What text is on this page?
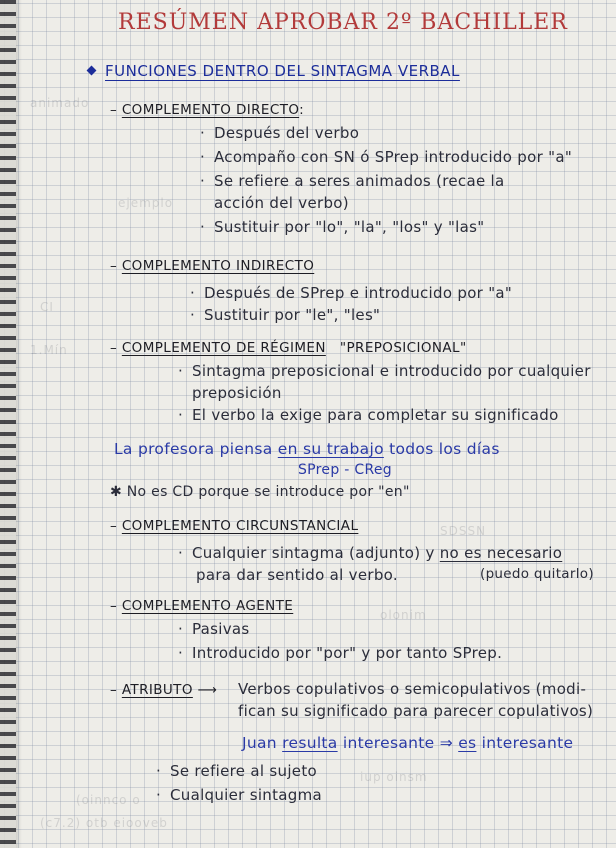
animado
ejemplo
CI
1.Mín
olonim
SDSSN
iup oinsm
(oinnco o
(c7.2) otb eiooveb
RESÚMEN APROBAR 2º BACHILLER
FUNCIONES DENTRO DEL SINTAGMA VERBAL
– COMPLEMENTO DIRECTO:
· Después del verbo
· Acompaño con SN ó SPrep introducido por "a"
· Se refiere a seres animados (recae la
acción del verbo)
· Sustituir por "lo", "la", "los" y "las"
– COMPLEMENTO INDIRECTO
· Después de SPrep e introducido por "a"
· Sustituir por "le", "les"
– COMPLEMENTO DE RÉGIMEN "PREPOSICIONAL"
· Sintagma preposicional e introducido por cualquier
preposición
· El verbo la exige para completar su significado
La profesora piensa en su trabajo todos los días
SPrep - CReg
✱ No es CD porque se introduce por "en"
– COMPLEMENTO CIRCUNSTANCIAL
· Cualquier sintagma (adjunto) y no es necesario
para dar sentido al verbo.	(puedo quitarlo)
– COMPLEMENTO AGENTE
· Pasivas
· Introducido por "por" y por tanto SPrep.
– ATRIBUTO ⟶ Verbos copulativos o semicopulativos (modi-
fican su significado para parecer copulativos)
Juan resulta interesante ⇒ es interesante
· Se refiere al sujeto
· Cualquier sintagma
